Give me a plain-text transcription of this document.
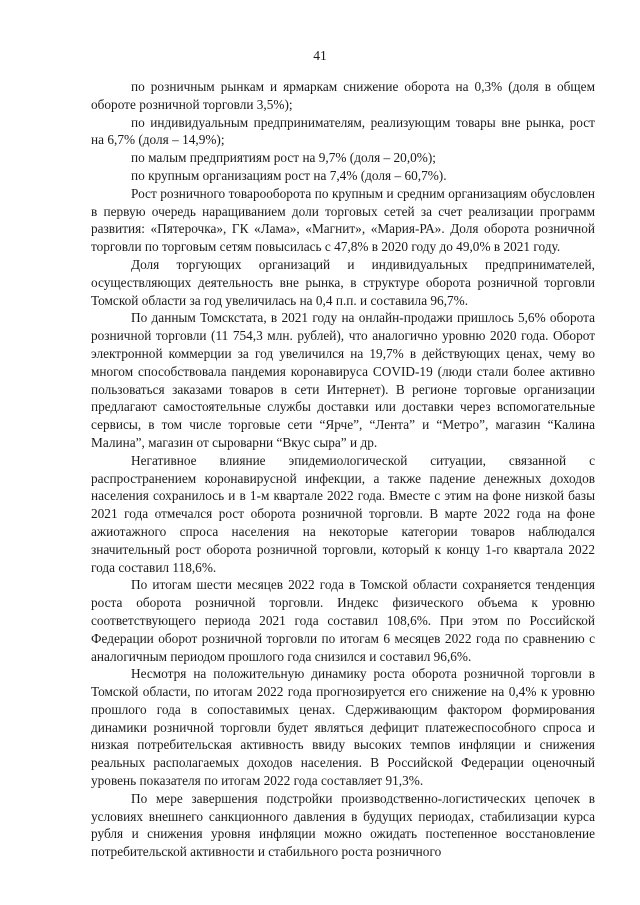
41

по розничным рынкам и ярмаркам снижение оборота на 0,3% (доля в общем обороте розничной торговли 3,5%);

по индивидуальным предпринимателям, реализующим товары вне рынка, рост на 6,7% (доля – 14,9%);

по малым предприятиям рост на 9,7% (доля – 20,0%);

по крупным организациям рост на 7,4% (доля – 60,7%).

Рост розничного товарооборота по крупным и средним организациям обусловлен в первую очередь наращиванием доли торговых сетей за счет реализации программ развития: «Пятерочка», ГК «Лама», «Магнит», «Мария-РА». Доля оборота розничной торговли по торговым сетям повысилась с 47,8% в 2020 году до 49,0% в 2021 году.

Доля торгующих организаций и индивидуальных предпринимателей, осуществляющих деятельность вне рынка, в структуре оборота розничной торговли Томской области за год увеличилась на 0,4 п.п. и составила 96,7%.

По данным Томскстата, в 2021 году на онлайн-продажи пришлось 5,6% оборота розничной торговли (11 754,3 млн. рублей), что аналогично уровню 2020 года. Оборот электронной коммерции за год увеличился на 19,7% в действующих ценах, чему во многом способствовала пандемия коронавируса COVID-19 (люди стали более активно пользоваться заказами товаров в сети Интернет). В регионе торговые организации предлагают самостоятельные службы доставки или доставки через вспомогательные сервисы, в том числе торговые сети “Ярче”, “Лента” и “Метро”, магазин “Калина Малина”, магазин от сыроварни “Вкус сыра” и др.

Негативное влияние эпидемиологической ситуации, связанной с распространением коронавирусной инфекции, а также падение денежных доходов населения сохранилось и в 1-м квартале 2022 года. Вместе с этим на фоне низкой базы 2021 года отмечался рост оборота розничной торговли. В марте 2022 года на фоне ажиотажного спроса населения на некоторые категории товаров наблюдался значительный рост оборота розничной торговли, который к концу 1-го квартала 2022 года составил 118,6%.

По итогам шести месяцев 2022 года в Томской области сохраняется тенденция роста оборота розничной торговли. Индекс физического объема к уровню соответствующего периода 2021 года составил 108,6%. При этом по Российской Федерации оборот розничной торговли по итогам 6 месяцев 2022 года по сравнению с аналогичным периодом прошлого года снизился и составил 96,6%.

Несмотря на положительную динамику роста оборота розничной торговли в Томской области, по итогам 2022 года прогнозируется его снижение на 0,4% к уровню прошлого года в сопоставимых ценах. Сдерживающим фактором формирования динамики розничной торговли будет являться дефицит платежеспособного спроса и низкая потребительская активность ввиду высоких темпов инфляции и снижения реальных располагаемых доходов населения. В Российской Федерации оценочный уровень показателя по итогам 2022 года составляет 91,3%.

По мере завершения подстройки производственно-логистических цепочек в условиях внешнего санкционного давления в будущих периодах, стабилизации курса рубля и снижения уровня инфляции можно ожидать постепенное восстановление потребительской активности и стабильного роста розничного
